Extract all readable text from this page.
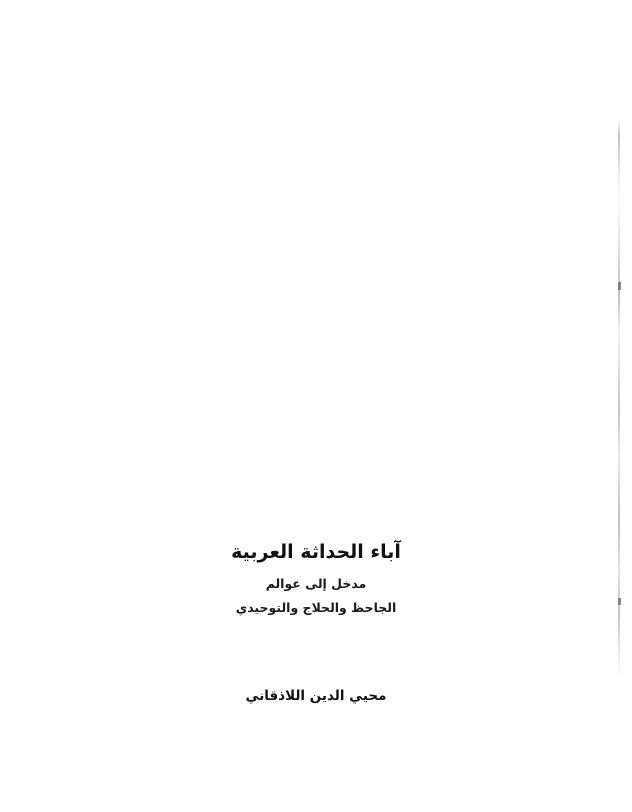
آباء الحداثة العربية

مدخل إلى عوالم

الجاحظ والحلاج والتوحيدي

محيي الدين اللاذقاني
